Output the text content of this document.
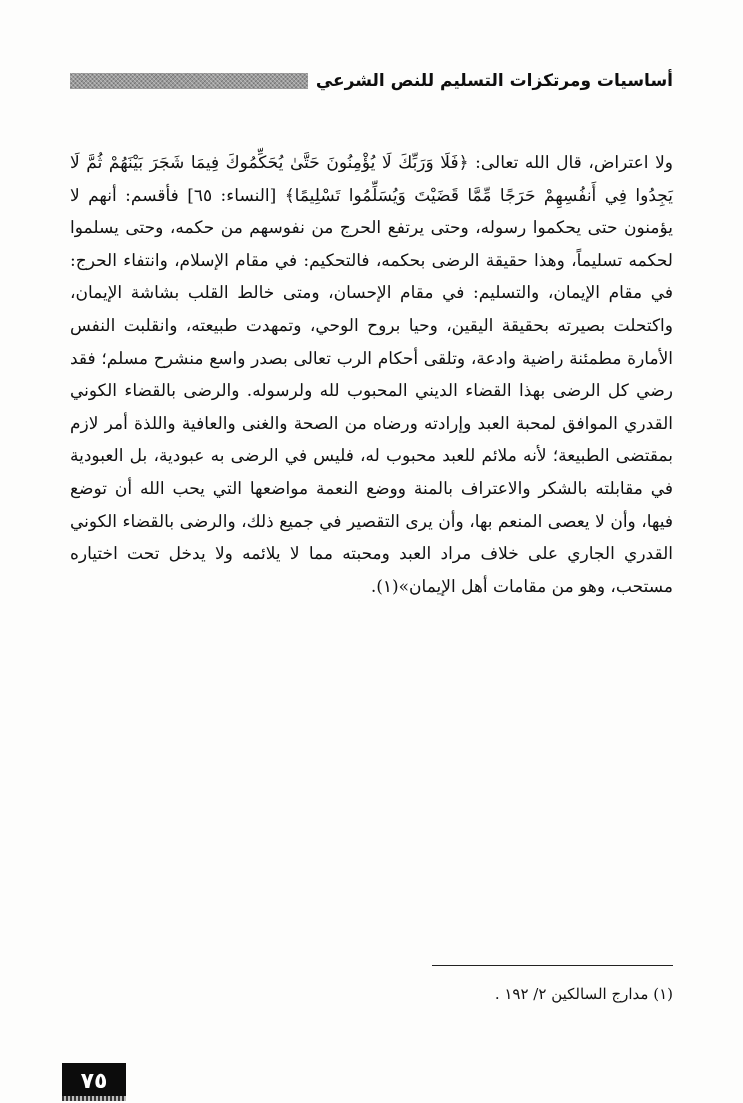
أساسيات ومرتكزات التسليم للنص الشرعي

ولا اعتراض، قال الله تعالى: ﴿فَلَا وَرَبِّكَ لَا يُؤْمِنُونَ حَتَّىٰ يُحَكِّمُوكَ فِيمَا شَجَرَ بَيْنَهُمْ ثُمَّ لَا يَجِدُوا فِي أَنفُسِهِمْ حَرَجًا مِّمَّا قَضَيْتَ وَيُسَلِّمُوا تَسْلِيمًا﴾ [النساء: ٦٥] فأقسم: أنهم لا يؤمنون حتى يحكموا رسوله، وحتى يرتفع الحرج من نفوسهم من حكمه، وحتى يسلموا لحكمه تسليماً، وهذا حقيقة الرضى بحكمه، فالتحكيم: في مقام الإسلام، وانتفاء الحرج: في مقام الإيمان، والتسليم: في مقام الإحسان، ومتى خالط القلب بشاشة الإيمان، واكتحلت بصيرته بحقيقة اليقين، وحيا بروح الوحي، وتمهدت طبيعته، وانقلبت النفس الأمارة مطمئنة راضية وادعة، وتلقى أحكام الرب تعالى بصدر واسع منشرح مسلم؛ فقد رضي كل الرضى بهذا القضاء الديني المحبوب لله ولرسوله. والرضى بالقضاء الكوني القدري الموافق لمحبة العبد وإرادته ورضاه من الصحة والغنى والعافية واللذة أمر لازم بمقتضى الطبيعة؛ لأنه ملائم للعبد محبوب له، فليس في الرضى به عبودية، بل العبودية في مقابلته بالشكر والاعتراف بالمنة ووضع النعمة مواضعها التي يحب الله أن توضع فيها، وأن لا يعصى المنعم بها، وأن يرى التقصير في جميع ذلك، والرضى بالقضاء الكوني القدري الجاري على خلاف مراد العبد ومحبته مما لا يلائمه ولا يدخل تحت اختياره مستحب، وهو من مقامات أهل الإيمان»(١).

(١) مدارج السالكين ٢/ ١٩٢ .
٧٥
